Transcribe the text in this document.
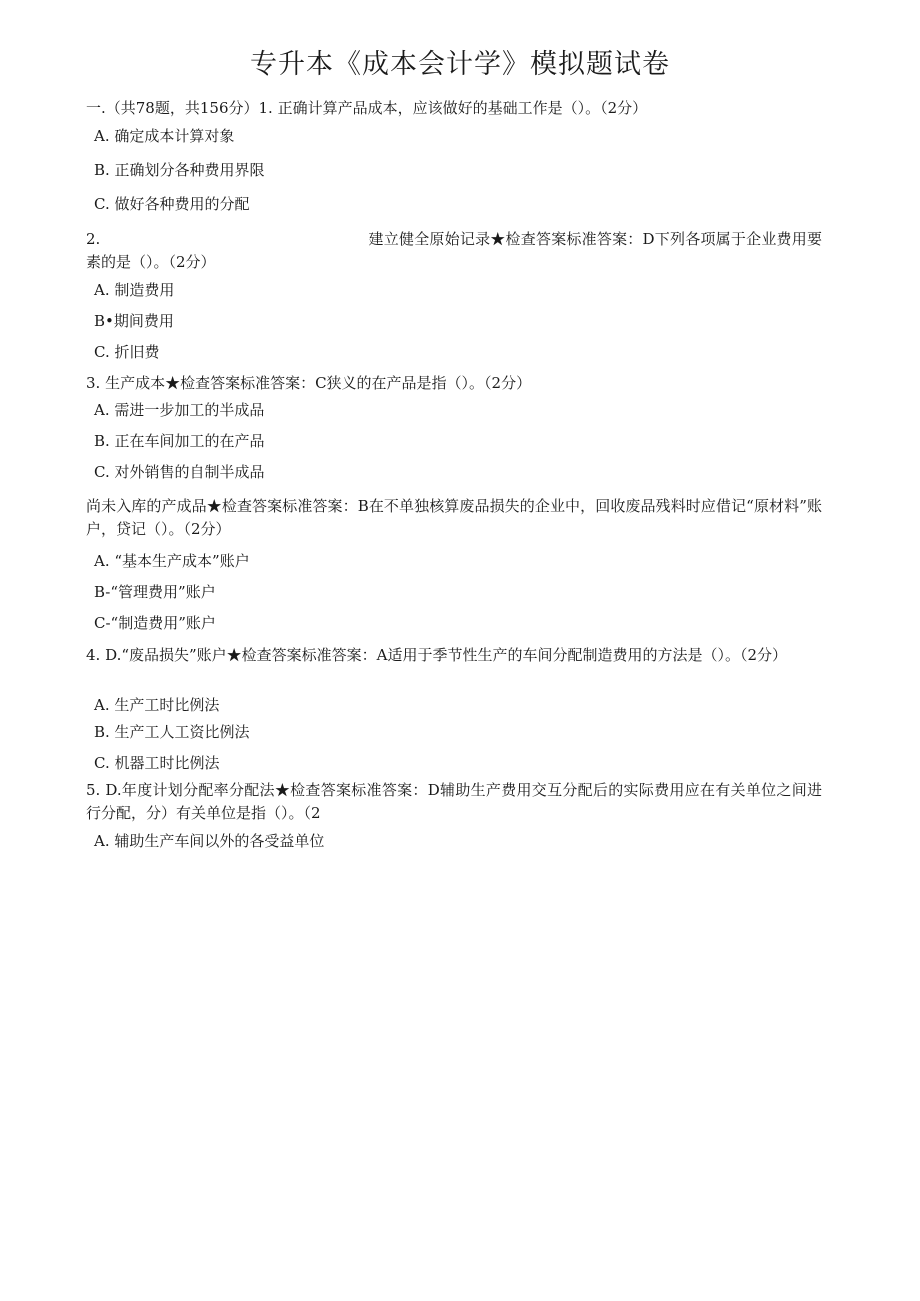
专升本《成本会计学》模拟题试卷
一.（共78题，共156分）1. 正确计算产品成本，应该做好的基础工作是（）。（2分）
A. 确定成本计算对象
B. 正确划分各种费用界限
C. 做好各种费用的分配
2.	建立健全原始记录★检查答案标准答案：D下列各项属于企业费用要素的是（）。（2分）
A. 制造费用
B•期间费用
C. 折旧费
3. 生产成本★检查答案标准答案：C狭义的在产品是指（）。（2分）
A. 需进一步加工的半成品
B. 正在车间加工的在产品
C. 对外销售的自制半成品
尚未入库的产成品★检查答案标准答案：B在不单独核算废品损失的企业中，回收废品残料时应借记“原材料”账户，贷记（）。（2分）
A. “基本生产成本”账户
B-“管理费用”账户
C-“制造费用”账户
4. D.“废品损失”账户★检查答案标准答案：A适用于季节性生产的车间分配制造费用的方法是（）。（2分）
A. 生产工时比例法
B. 生产工人工资比例法
C. 机器工时比例法
5. D.年度计划分配率分配法★检查答案标准答案：D辅助生产费用交互分配后的实际费用应在有关单位之间进行分配，分）有关单位是指（）。（2
A. 辅助生产车间以外的各受益单位
